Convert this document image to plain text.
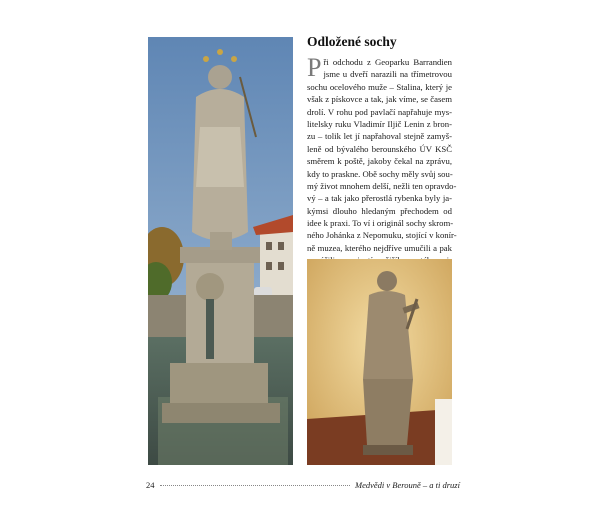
Odložené sochy
P ři odchodu z Geoparku Barrandien
jsme u dveří narazili na třímetrovou
sochu ocelového muže – Stalina, který je
však z pískovce a tak, jak víme, se časem
drolí. V rohu pod pavlačí napřahuje mys-
litelsky ruku Vladimír Iljič Lenin z bron-
zu – tolik let jí napřahoval stejně zamyš-
leně od bývalého berounského ÚV KSČ
směrem k poště, jakoby čekal na zprávu,
kdy to praskne. Obě sochy měly svůj sou-
mý život mnohem delší, nežli ten opravdo-
vý – a tak jako přerostlá rybenka byly ja-
kýmsi dlouho hledaným přechodem od
idee k praxi. To ví i originál sochy skrom-
ného Johánka z Nepomuku, stojící v konír-
ně muzea, kterého nejdříve umučili a pak
24	Medvědi v Berouně – a ti druzí
